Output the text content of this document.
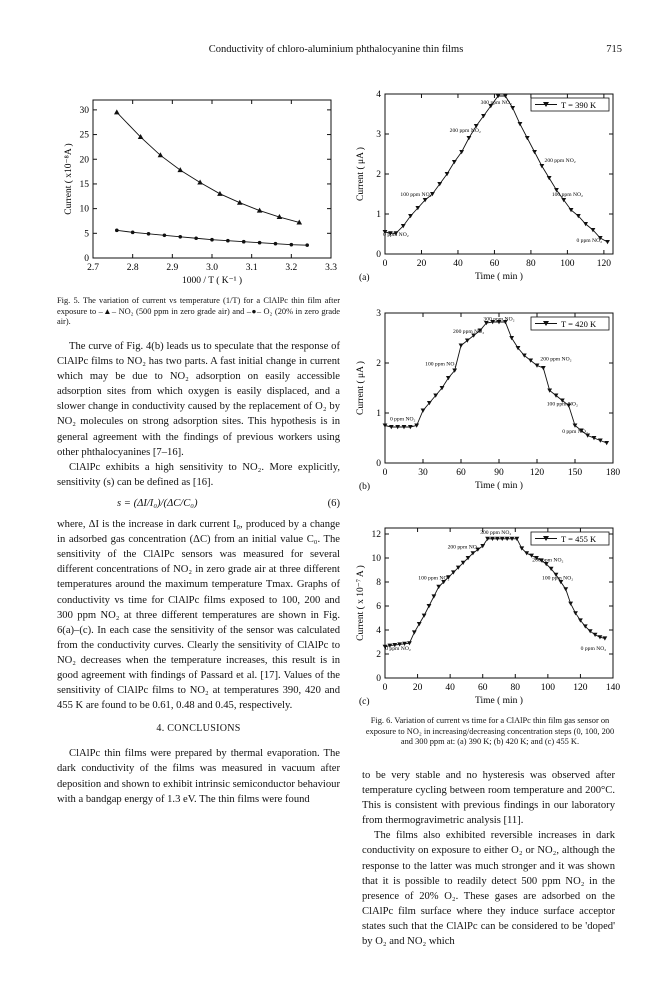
Conductivity of chloro-aluminium phthalocyanine thin films	715
2.7	2.8	2.9	3.0	3.1	3.2	3.3
0
5
10
15
20
25
30
1000 / T ( K⁻¹ )
Current ( x10⁻⁸A )
Fig. 5. The variation of current vs temperature (1/T) for a ClAlPc thin film after exposure to –▲– NO₂ (500 ppm in zero grade air) and –●– O₂ (20% in zero grade air).
0	20	40	60	80	100 120
0
1
2
3
4
Time ( min )
Current ( μA )
(a)
T = 390 K
300 ppm NO₂
200 ppm NO₂
200 ppm NO₂
100 ppm NO₂	100 ppm NO₂
0 ppm NO₂
0 ppm NO₂
0	30	60	90	120	150	180
0
1
2
3
Time ( min )
Current ( μA )
(b)
T = 420 K
300 ppm NO₂
200 ppm NO₂
200 ppm NO₂
100 ppm NO₂
100 ppm NO₂
0 ppm NO₂
0 ppm NO₂
0	20 40 60 80 100 120 140
0
2
4
6
8
10
12
Time ( min )
Current ( x 10⁻⁷ A )
(c)
T = 455 K
300 ppm NO₂
200 ppm NO₂
200 ppm NO₂
100 ppm NO₂	100 ppm NO₂
0 ppm NO₂	0 ppm NO₂
Fig. 6. Variation of current vs time for a ClAlPc thin film gas sensor on exposure to NO₂ in increasing/decreasing concentration steps (0, 100, 200 and 300 ppm at: (a) 390 K; (b) 420 K; and (c) 455 K.

The curve of Fig. 4(b) leads us to speculate that the response of ClAlPc films to NO₂ has two parts. A fast initial change in current which may be due to NO₂ adsorption on easily accessible adsorption sites from which oxygen is easily displaced, and a slower change in conductivity caused by the replacement of O₂ by NO₂ molecules on strong adsorption sites. This hypothesis is in general agreement with the findings of previous workers using other phthalocyanines [7–16].

ClAlPc exhibits a high sensitivity to NO₂. More explicitly, sensitivity (s) can be defined as [16].

s = (ΔI/I₀)/(ΔC/C₀)	(6)

where, ΔI is the increase in dark current I₀, produced by a change in adsorbed gas concentration (ΔC) from an initial value C₀. The sensitivity of the ClAlPc sensors was measured for several different concentrations of NO₂ in zero grade air at three different temperatures around the maximum temperature Tmax. Graphs of conductivity vs time for ClAlPc films exposed to 100, 200 and 300 ppm NO₂ at three different temperatures are shown in Fig. 6(a)–(c). In each case the sensitivity of the sensor was calculated from the conductivity curves. Clearly the sensitivity of ClAlPc to NO₂ decreases when the temperature increases, this result is in good agreement with findings of Passard et al. [17]. Values of the sensitivity of ClAlPc films to NO₂ at temperatures 390, 420 and 455 K are found to be 0.61, 0.48 and 0.45, respectively.

4. CONCLUSIONS

ClAlPc thin films were prepared by thermal evaporation. The dark conductivity of the films was measured in vacuum after deposition and shown to exhibit intrinsic semiconductor behaviour with a bandgap energy of 1.3 eV. The thin films were found

to be very stable and no hysteresis was observed after temperature cycling between room temperature and 200°C. This is consistent with previous findings in our laboratory from thermogravimetric analysis [11].

The films also exhibited reversible increases in dark conductivity on exposure to either O₂ or NO₂, although the response to the latter was much stronger and it was shown that it is possible to readily detect 500 ppm NO₂ in the presence of 20% O₂. These gases are adsorbed on the ClAlPc film surface where they induce surface acceptor states such that the ClAlPc can be considered to be 'doped' by O₂ and NO₂ which
